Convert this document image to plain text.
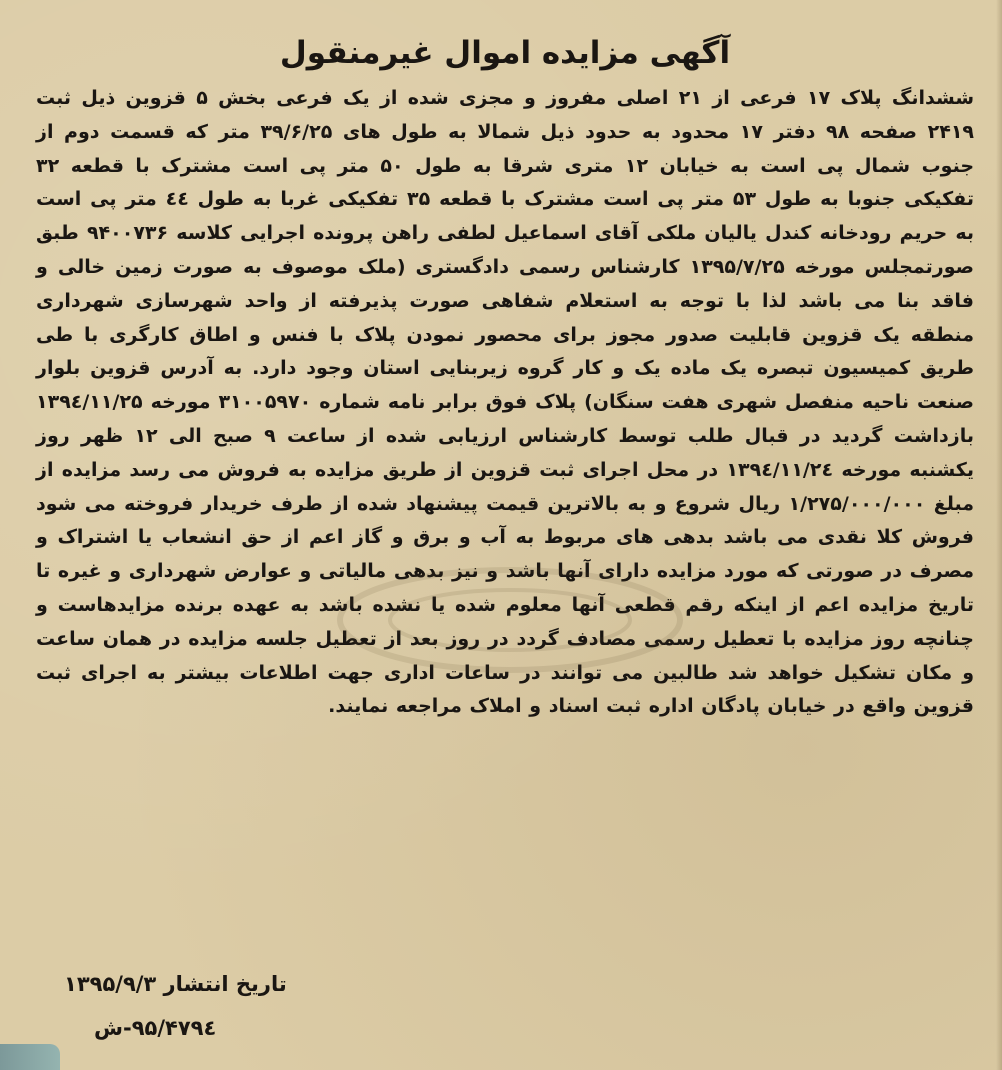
آگهی مزایده اموال غیرمنقول

ششدانگ پلاک ۱۷ فرعی از ۲۱ اصلی مفروز و مجزی شده از یک فرعی بخش ۵ قزوین ذیل ثبت ۲۴۱۹ صفحه ۹۸ دفتر ۱۷ محدود به حدود ذیل شمالا به طول های ۳۹/۶/۲۵ متر که قسمت دوم از جنوب شمال پی است به خیابان ۱۲ متری شرقا به طول ۵۰ متر پی است مشترک با قطعه ۳۲ تفکیکی جنوبا به طول ۵۳ متر پی است مشترک با قطعه ۳۵ تفکیکی غربا به طول ٤٤ متر پی است به حریم رودخانه کندل یالیان ملکی آقای اسماعیل لطفی راهن پرونده اجرایی کلاسه ۹۴۰۰۷۳۶ طبق صورتمجلس مورخه ۱۳۹۵/۷/۲۵ کارشناس رسمی دادگستری (ملک موصوف به صورت زمین خالی و فاقد بنا می باشد لذا با توجه به استعلام شفاهی صورت پذیرفته از واحد شهرسازی شهرداری منطقه یک قزوین قابلیت صدور مجوز برای محصور نمودن پلاک با فنس و اطاق کارگری با طی طریق کمیسیون تبصره یک ماده یک و کار گروه زیربنایی استان وجود دارد. به آدرس قزوین بلوار صنعت ناحیه منفصل شهری هفت سنگان) پلاک فوق برابر نامه شماره ۳۱۰۰۵۹۷۰ مورخه ۱۳۹٤/۱۱/۲۵ بازداشت گردید در قبال طلب توسط کارشناس ارزیابی شده از ساعت ۹ صبح الی ۱۲ ظهر روز یکشنبه مورخه ۱۳۹٤/۱۱/۲٤ در محل اجرای ثبت قزوین از طریق مزایده به فروش می رسد مزایده از مبلغ ۱/۲۷۵/۰۰۰/۰۰۰ ریال شروع و به بالاترین قیمت پیشنهاد شده از طرف خریدار فروخته می شود فروش کلا نقدی می باشد بدهی های مربوط به آب و برق و گاز اعم از حق انشعاب یا اشتراک و مصرف در صورتی که مورد مزایده دارای آنها باشد و نیز بدهی مالیاتی و عوارض شهرداری و غیره تا تاریخ مزایده اعم از اینکه رقم قطعی آنها معلوم شده یا نشده باشد به عهده برنده مزایدهاست و چنانچه روز مزایده با تعطیل رسمی مصادف گردد در روز بعد از تعطیل جلسه مزایده در همان ساعت و مکان تشکیل خواهد شد طالبین می توانند در ساعات اداری جهت اطلاعات بیشتر به اجرای ثبت قزوین واقع در خیابان پادگان اداره ثبت اسناد و املاک مراجعه نمایند.

تاریخ انتشار ۱۳۹۵/۹/۳
۴۷۹٤/۹۵-ش
